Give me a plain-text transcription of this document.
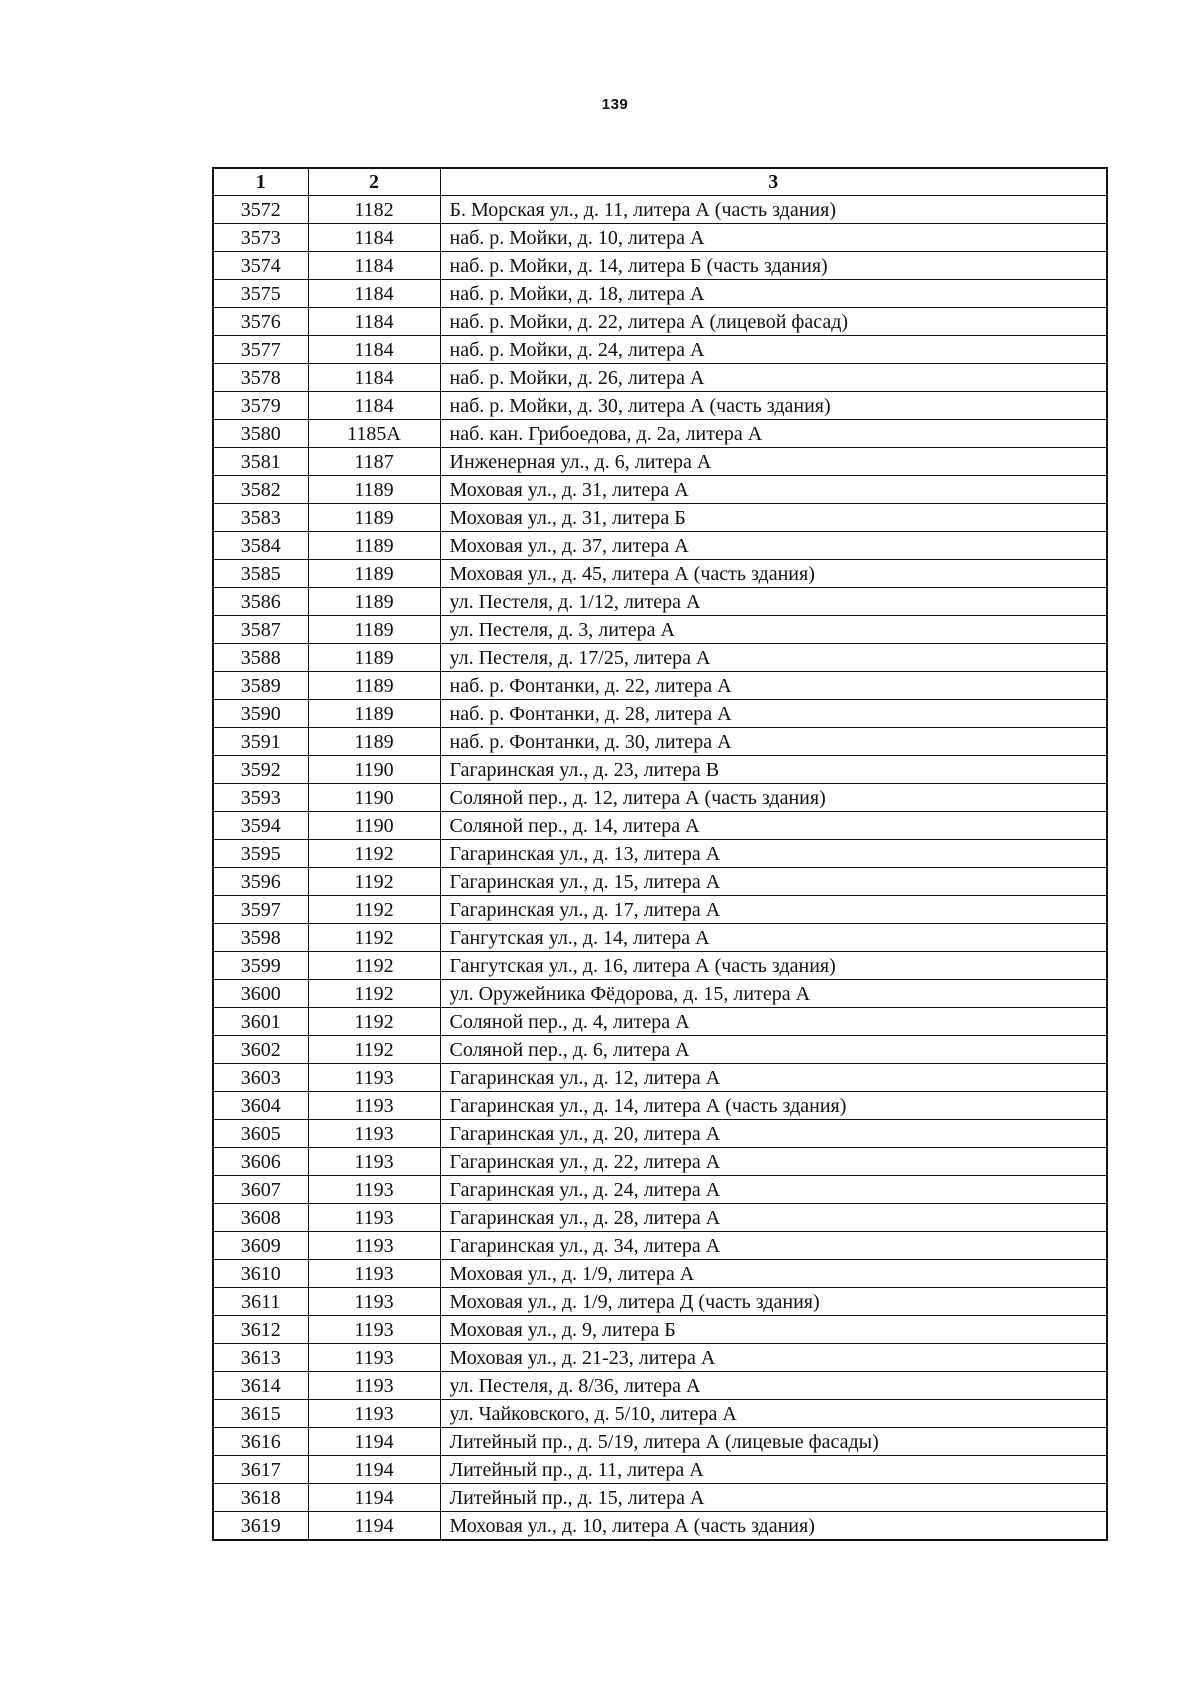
139
1	2	3
3572	1182	Б. Морская ул., д. 11, литера А (часть здания)
3573	1184	наб. р. Мойки, д. 10, литера А
3574	1184	наб. р. Мойки, д. 14, литера Б (часть здания)
3575	1184	наб. р. Мойки, д. 18, литера А
3576	1184	наб. р. Мойки, д. 22, литера А (лицевой фасад)
3577	1184	наб. р. Мойки, д. 24, литера А
3578	1184	наб. р. Мойки, д. 26, литера А
3579	1184	наб. р. Мойки, д. 30, литера А (часть здания)
3580	1185А	наб. кан. Грибоедова, д. 2а, литера А
3581	1187	Инженерная ул., д. 6, литера А
3582	1189	Моховая ул., д. 31, литера А
3583	1189	Моховая ул., д. 31, литера Б
3584	1189	Моховая ул., д. 37, литера А
3585	1189	Моховая ул., д. 45, литера А (часть здания)
3586	1189	ул. Пестеля, д. 1/12, литера А
3587	1189	ул. Пестеля, д. 3, литера А
3588	1189	ул. Пестеля, д. 17/25, литера А
3589	1189	наб. р. Фонтанки, д. 22, литера А
3590	1189	наб. р. Фонтанки, д. 28, литера А
3591	1189	наб. р. Фонтанки, д. 30, литера А
3592	1190	Гагаринская ул., д. 23, литера В
3593	1190	Соляной пер., д. 12, литера А (часть здания)
3594	1190	Соляной пер., д. 14, литера А
3595	1192	Гагаринская ул., д. 13, литера А
3596	1192	Гагаринская ул., д. 15, литера А
3597	1192	Гагаринская ул., д. 17, литера А
3598	1192	Гангутская ул., д. 14, литера А
3599	1192	Гангутская ул., д. 16, литера А (часть здания)
3600	1192	ул. Оружейника Фёдорова, д. 15, литера А
3601	1192	Соляной пер., д. 4, литера А
3602	1192	Соляной пер., д. 6, литера А
3603	1193	Гагаринская ул., д. 12, литера А
3604	1193	Гагаринская ул., д. 14, литера А (часть здания)
3605	1193	Гагаринская ул., д. 20, литера А
3606	1193	Гагаринская ул., д. 22, литера А
3607	1193	Гагаринская ул., д. 24, литера А
3608	1193	Гагаринская ул., д. 28, литера А
3609	1193	Гагаринская ул., д. 34, литера А
3610	1193	Моховая ул., д. 1/9, литера А
3611	1193	Моховая ул., д. 1/9, литера Д (часть здания)
3612	1193	Моховая ул., д. 9, литера Б
3613	1193	Моховая ул., д. 21-23, литера А
3614	1193	ул. Пестеля, д. 8/36, литера А
3615	1193	ул. Чайковского, д. 5/10, литера А
3616	1194	Литейный пр., д. 5/19, литера А (лицевые фасады)
3617	1194	Литейный пр., д. 11, литера А
3618	1194	Литейный пр., д. 15, литера А
3619	1194	Моховая ул., д. 10, литера А (часть здания)
